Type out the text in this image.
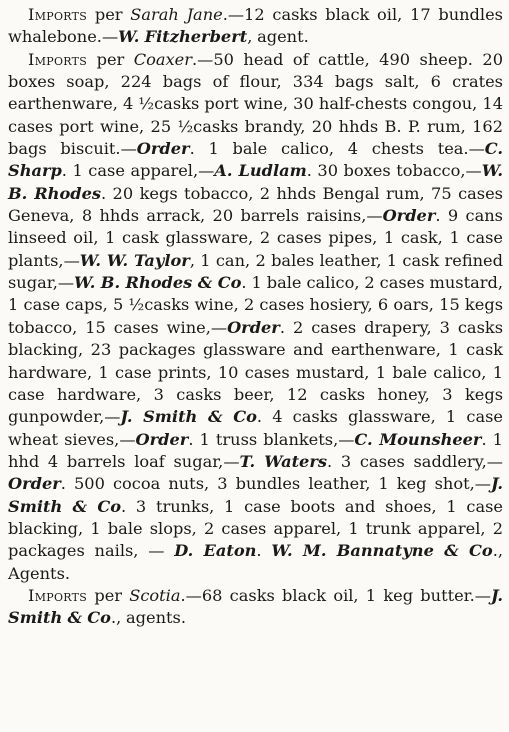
Imports per Sarah Jane.—12 casks black oil, 17 bundles whalebone.—W. Fitzherbert, agent.

Imports per Coaxer.—50 head of cattle, 490 sheep. 20 boxes soap, 224 bags of flour, 334 bags salt, 6 crates earthenware, 4 ½casks port wine, 30 half-chests congou, 14 cases port wine, 25 ½casks brandy, 20 hhds B. P. rum, 162 bags biscuit.—Order. 1 bale calico, 4 chests tea.—C. Sharp. 1 case apparel,—A. Ludlam. 30 boxes tobacco,—W. B. Rhodes. 20 kegs tobacco, 2 hhds Bengal rum, 75 cases Geneva, 8 hhds arrack, 20 barrels raisins,—Order. 9 cans linseed oil, 1 cask glassware, 2 cases pipes, 1 cask, 1 case plants,—W. W. Taylor, 1 can, 2 bales leather, 1 cask refined sugar,—W. B. Rhodes & Co. 1 bale calico, 2 cases mustard, 1 case caps, 5 ½casks wine, 2 cases hosiery, 6 oars, 15 kegs tobacco, 15 cases wine,—Order. 2 cases drapery, 3 casks blacking, 23 packages glassware and earthenware, 1 cask hardware, 1 case prints, 10 cases mustard, 1 bale calico, 1 case hardware, 3 casks beer, 12 casks honey, 3 kegs gunpowder,—J. Smith & Co. 4 casks glassware, 1 case wheat sieves,—Order. 1 truss blankets,—C. Mounsheer. 1 hhd 4 barrels loaf sugar,—T. Waters. 3 cases saddlery,—Order. 500 cocoa nuts, 3 bundles leather, 1 keg shot,—J. Smith & Co. 3 trunks, 1 case boots and shoes, 1 case blacking, 1 bale slops, 2 cases apparel, 1 trunk apparel, 2 packages nails, — D. Eaton. W. M. Bannatyne & Co., Agents.

Imports per Scotia.—68 casks black oil, 1 keg butter.—J. Smith & Co., agents.
